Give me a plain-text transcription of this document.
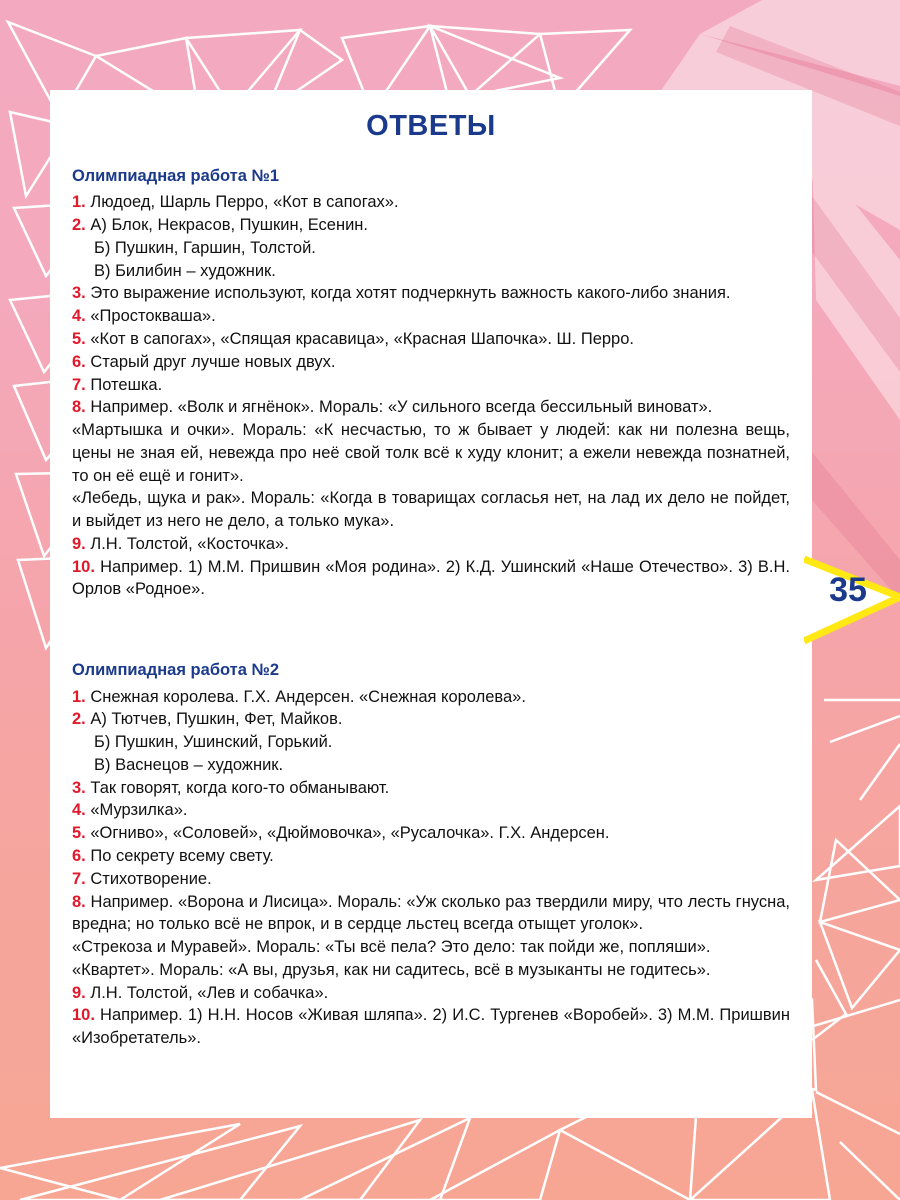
ОТВЕТЫ
Олимпиадная работа №1

1. Людоед, Шарль Перро, «Кот в сапогах».

2. А) Блок, Некрасов, Пушкин, Есенин.

Б) Пушкин, Гаршин, Толстой.

В) Билибин – художник.

3. Это выражение используют, когда хотят подчеркнуть важность какого-либо знания.

4. «Простокваша».

5. «Кот в сапогах», «Спящая красавица», «Красная Шапочка». Ш. Перро.

6. Старый друг лучше новых двух.

7. Потешка.

8. Например. «Волк и ягнёнок». Мораль: «У сильного всегда бессильный виноват».

«Мартышка и очки». Мораль: «К несчастью, то ж бывает у людей: как ни полезна вещь, цены не зная ей, невежда про неё свой толк всё к худу клонит; а ежели невежда познатней, то он её ещё и гонит».

«Лебедь, щука и рак». Мораль: «Когда в товарищах согласья нет, на лад их дело не пойдет, и выйдет из него не дело, а только мука».

9. Л.Н. Толстой, «Косточка».

10. Например. 1) М.М. Пришвин «Моя родина». 2) К.Д. Ушинский «Наше Отечество». 3) В.Н. Орлов «Родное».

Олимпиадная работа №2

1. Снежная королева. Г.Х. Андерсен. «Снежная королева».

2. А) Тютчев, Пушкин, Фет, Майков.

Б) Пушкин, Ушинский, Горький.

В) Васнецов – художник.

3. Так говорят, когда кого-то обманывают.

4. «Мурзилка».

5. «Огниво», «Соловей», «Дюймовочка», «Русалочка». Г.Х. Андерсен.

6. По секрету всему свету.

7. Стихотворение.

8. Например. «Ворона и Лисица». Мораль: «Уж сколько раз твердили миру, что лесть гнусна, вредна; но только всё не впрок, и в сердце льстец всегда отыщет уголок».

«Стрекоза и Муравей». Мораль: «Ты всё пела? Это дело: так пойди же, попляши».

«Квартет». Мораль: «А вы, друзья, как ни садитесь, всё в музыканты не годитесь».

9. Л.Н. Толстой, «Лев и собачка».

10. Например. 1) Н.Н. Носов «Живая шляпа». 2) И.С. Тургенев «Воробей». 3) М.М. Пришвин «Изобретатель».

35
